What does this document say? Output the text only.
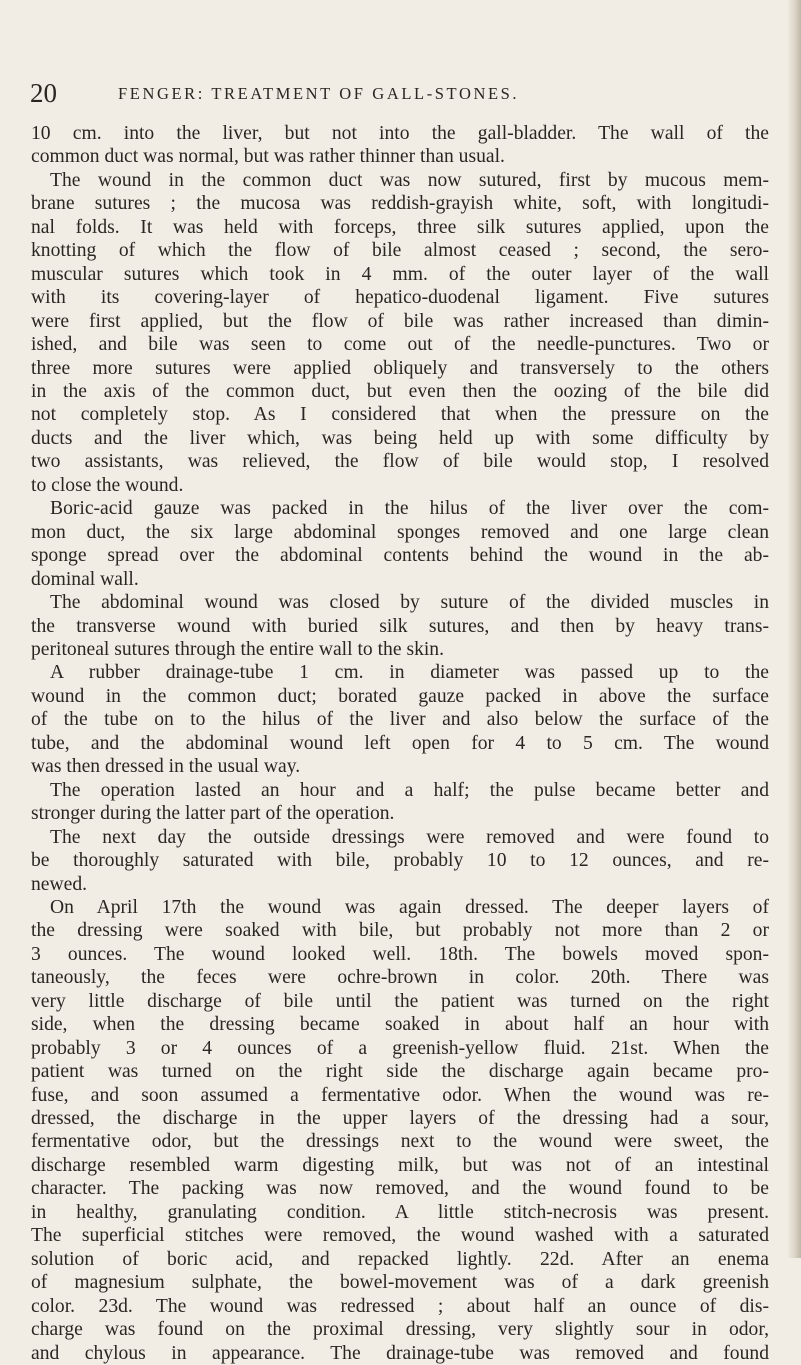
20	FENGER: TREATMENT OF GALL-STONES.
10 cm. into the liver, but not into the gall-bladder. The wall of the
common duct was normal, but was rather thinner than usual.
The wound in the common duct was now sutured, first by mucous mem-
brane sutures ; the mucosa was reddish-grayish white, soft, with longitudi-
nal folds. It was held with forceps, three silk sutures applied, upon the
knotting of which the flow of bile almost ceased ; second, the sero-
muscular sutures which took in 4 mm. of the outer layer of the wall
with its covering-layer of hepatico-duodenal ligament. Five sutures
were first applied, but the flow of bile was rather increased than dimin-
ished, and bile was seen to come out of the needle-punctures. Two or
three more sutures were applied obliquely and transversely to the others
in the axis of the common duct, but even then the oozing of the bile did
not completely stop. As I considered that when the pressure on the
ducts and the liver which, was being held up with some difficulty by
two assistants, was relieved, the flow of bile would stop, I resolved
to close the wound.
Boric-acid gauze was packed in the hilus of the liver over the com-
mon duct, the six large abdominal sponges removed and one large clean
sponge spread over the abdominal contents behind the wound in the ab-
dominal wall.
The abdominal wound was closed by suture of the divided muscles in
the transverse wound with buried silk sutures, and then by heavy trans-
peritoneal sutures through the entire wall to the skin.
A rubber drainage-tube 1 cm. in diameter was passed up to the
wound in the common duct; borated gauze packed in above the surface
of the tube on to the hilus of the liver and also below the surface of the
tube, and the abdominal wound left open for 4 to 5 cm. The wound
was then dressed in the usual way.
The operation lasted an hour and a half; the pulse became better and
stronger during the latter part of the operation.
The next day the outside dressings were removed and were found to
be thoroughly saturated with bile, probably 10 to 12 ounces, and re-
newed.
On April 17th the wound was again dressed. The deeper layers of
the dressing were soaked with bile, but probably not more than 2 or
3 ounces. The wound looked well. 18th. The bowels moved spon-
taneously, the feces were ochre-brown in color. 20th. There was
very little discharge of bile until the patient was turned on the right
side, when the dressing became soaked in about half an hour with
probably 3 or 4 ounces of a greenish-yellow fluid. 21st. When the
patient was turned on the right side the discharge again became pro-
fuse, and soon assumed a fermentative odor. When the wound was re-
dressed, the discharge in the upper layers of the dressing had a sour,
fermentative odor, but the dressings next to the wound were sweet, the
discharge resembled warm digesting milk, but was not of an intestinal
character. The packing was now removed, and the wound found to be
in healthy, granulating condition. A little stitch-necrosis was present.
The superficial stitches were removed, the wound washed with a saturated
solution of boric acid, and repacked lightly. 22d. After an enema
of magnesium sulphate, the bowel-movement was of a dark greenish
color. 23d. The wound was redressed ; about half an ounce of dis-
charge was found on the proximal dressing, very slightly sour in odor,
and chylous in appearance. The drainage-tube was removed and found
